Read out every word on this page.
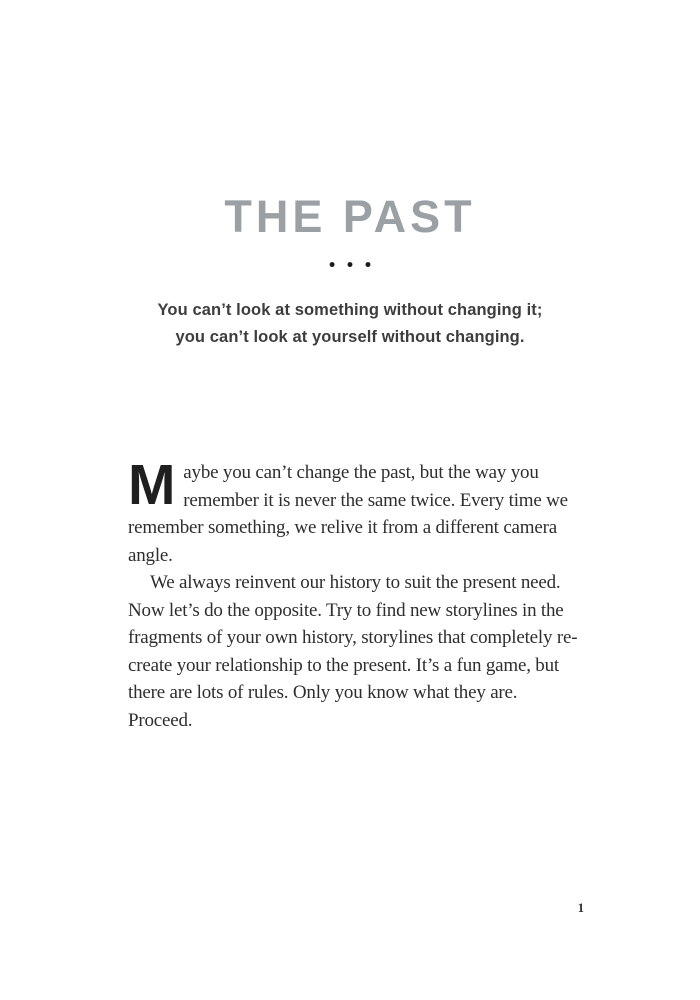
THE PAST
•••
You can’t look at something without changing it;
you can’t look at yourself without changing.

Maybe you can’t change the past, but the way you remember it is never the same twice. Every time we remember something, we relive it from a different camera angle.

We always reinvent our history to suit the present need. Now let’s do the opposite. Try to find new storylines in the fragments of your own history, storylines that completely re-create your relationship to the present. It’s a fun game, but there are lots of rules. Only you know what they are. Proceed.

1
